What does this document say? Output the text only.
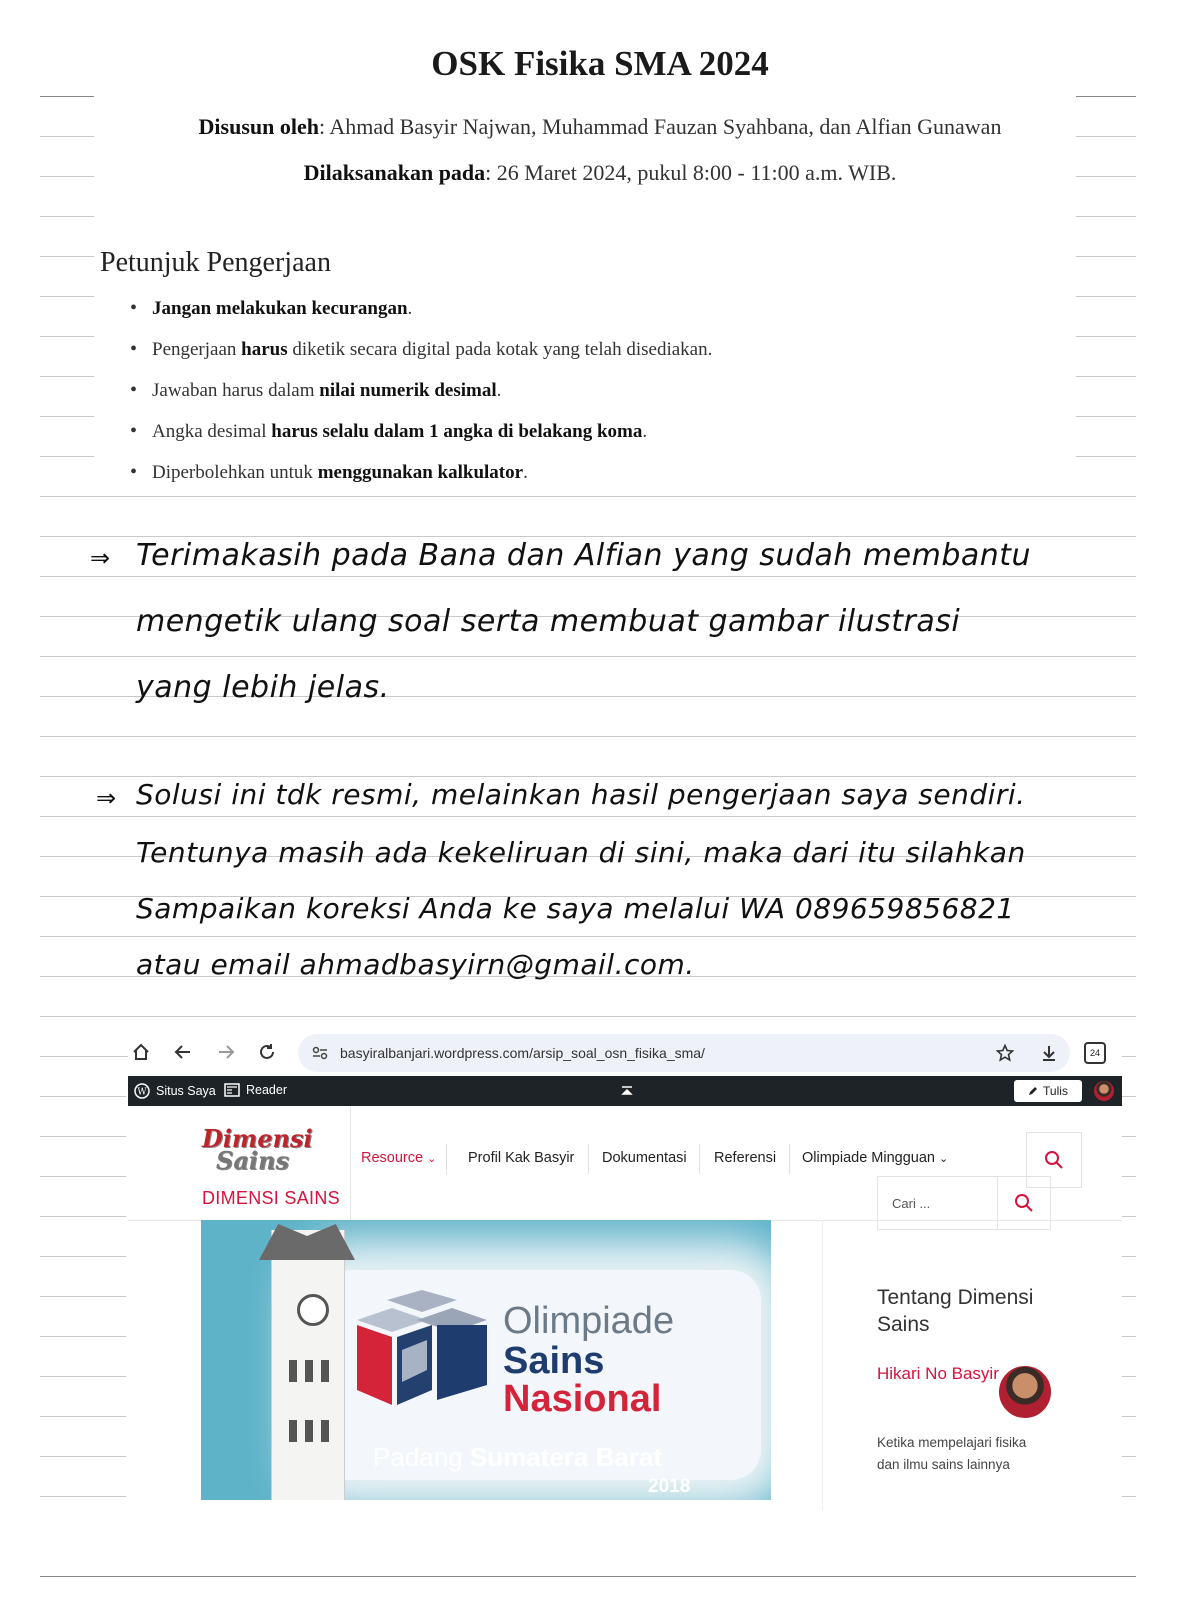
OSK Fisika SMA 2024
Disusun oleh: Ahmad Basyir Najwan, Muhammad Fauzan Syahbana, dan Alfian Gunawan
Dilaksanakan pada: 26 Maret 2024, pukul 8:00 - 11:00 a.m. WIB.
Petunjuk Pengerjaan
• Jangan melakukan kecurangan.
• Pengerjaan harus diketik secara digital pada kotak yang telah disediakan.
• Jawaban harus dalam nilai numerik desimal.
• Angka desimal harus selalu dalam 1 angka di belakang koma.
• Diperbolehkan untuk menggunakan kalkulator.
⇒ Terimakasih pada Bana dan Alfian yang sudah membantu
mengetik ulang soal serta membuat gambar ilustrasi
yang lebih jelas.
⇒ Solusi ini tdk resmi, melainkan hasil pengerjaan saya sendiri.
Tentunya masih ada kekeliruan di sini, maka dari itu silahkan
Sampaikan koreksi Anda ke saya melalui WA 089659856821
atau email ahmadbasyirn@gmail.com.
basyiralbanjari.wordpress.com/arsip_soal_osn_fisika_sma/	24
W Situs Saya Reader	Tulis
Dimensi
Sains
DIMENSI SAINS
Resource ⌄ Profil Kak Basyir Dokumentasi Referensi Olimpiade Mingguan ⌄
Olimpiade
Sains
Nasional
Padang Sumatera Barat
2018
Cari ...
Tentang Dimensi Sains
Hikari No Basyir
Ketika mempelajari fisika dan ilmu sains lainnya
